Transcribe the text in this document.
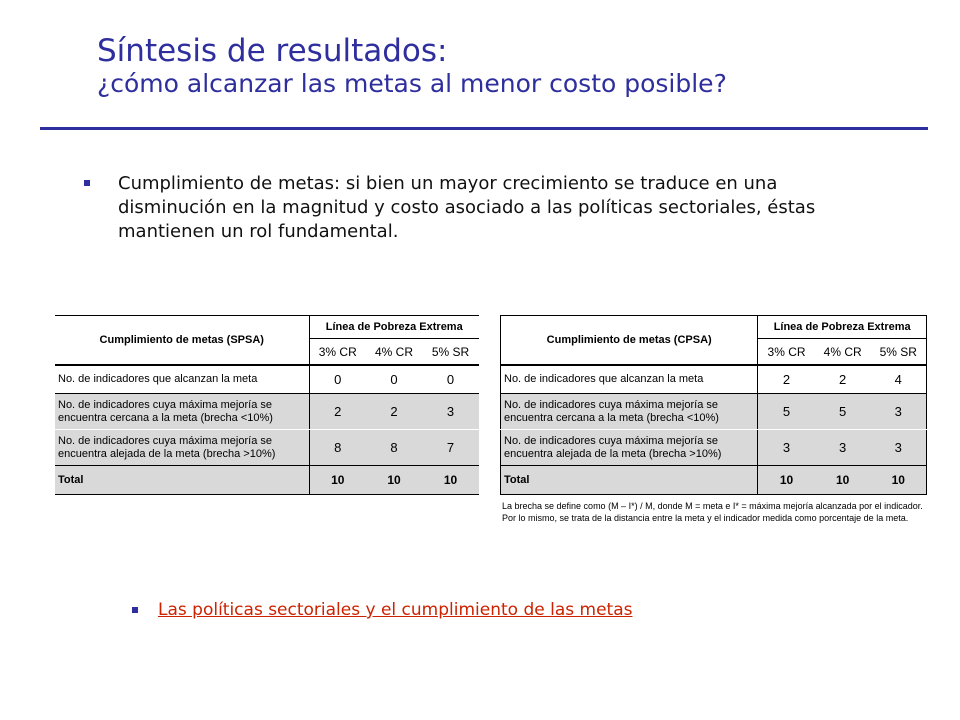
Síntesis de resultados:
¿cómo alcanzar las metas al menor costo posible?
Cumplimiento de metas: si bien un mayor crecimiento se traduce en una disminución en la magnitud y costo asociado a las políticas sectoriales, éstas mantienen un rol fundamental.
Cumplimiento de metas (SPSA)	Línea de Pobreza Extrema		
	3% CR	4% CR	5% SR
No. de indicadores que alcanzan la meta	0	0	0
No. de indicadores cuya máxima mejoría se encuentra cercana a la meta (brecha <10%)	2	2	3
No. de indicadores cuya máxima mejoría se encuentra alejada de la meta (brecha >10%)	8	8	7
Total	10	10	10
Cumplimiento de metas (CPSA)	Línea de Pobreza Extrema		
	3% CR	4% CR	5% SR
No. de indicadores que alcanzan la meta	2	2	4
No. de indicadores cuya máxima mejoría se encuentra cercana a la meta (brecha <10%)	5	5	3
No. de indicadores cuya máxima mejoría se encuentra alejada de la meta (brecha >10%)	3	3	3
Total	10	10	10
La brecha se define como (M – I*) / M, donde M = meta e I* = máxima mejoría alcanzada por el indicador. Por lo mismo, se trata de la distancia entre la meta y el indicador medida como porcentaje de la meta.
Las políticas sectoriales y el cumplimiento de las metas
